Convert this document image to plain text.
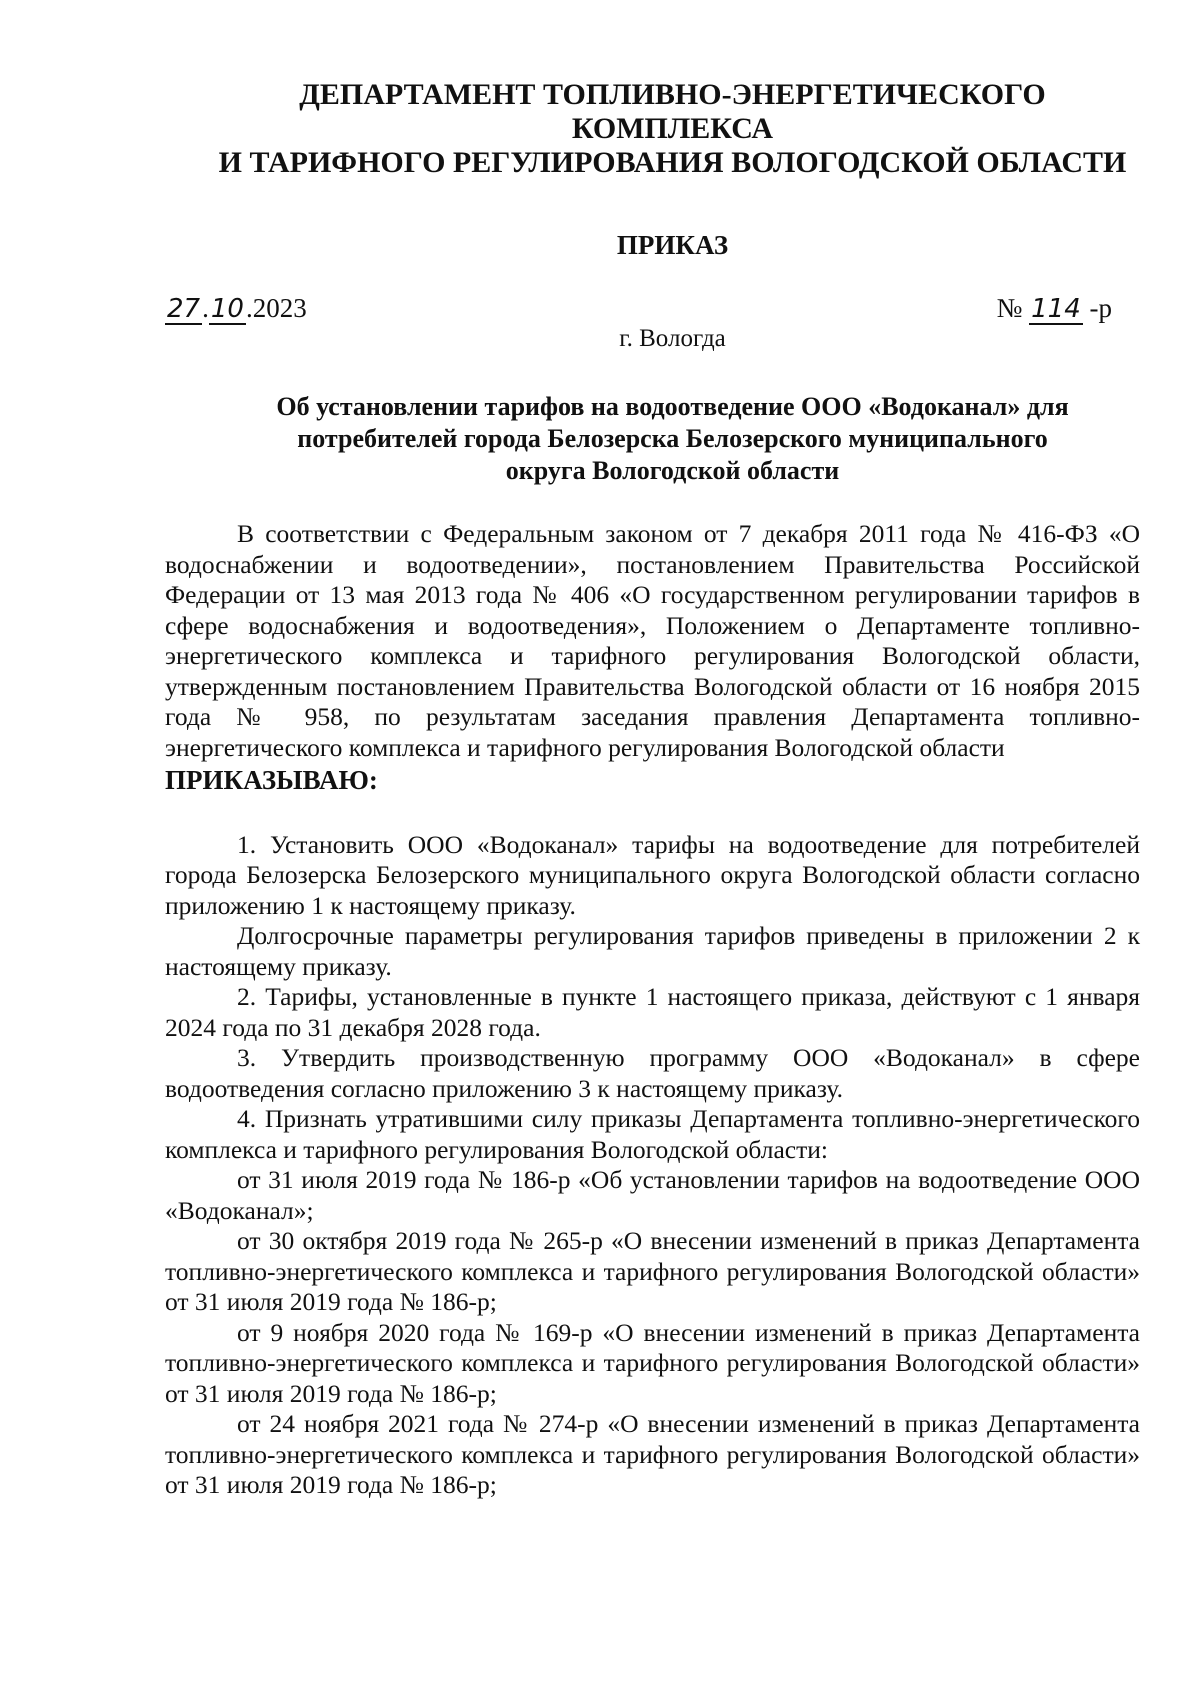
ДЕПАРТАМЕНТ ТОПЛИВНО-ЭНЕРГЕТИЧЕСКОГО КОМПЛЕКСА
И ТАРИФНОГО РЕГУЛИРОВАНИЯ ВОЛОГОДСКОЙ ОБЛАСТИ
ПРИКАЗ
27.10.2023	№ 114 -р
г. Вологда
Об установлении тарифов на водоотведение ООО «Водоканал» для
потребителей города Белозерска Белозерского муниципального
округа Вологодской области

В соответствии с Федеральным законом от 7 декабря 2011 года № 416-ФЗ «О водоснабжении и водоотведении», постановлением Правительства Российской Федерации от 13 мая 2013 года № 406 «О государственном регулировании тарифов в сфере водоснабжения и водоотведения», Положением о Департаменте топливно-энергетического комплекса и тарифного регулирования Вологодской области, утвержденным постановлением Правительства Вологодской области от 16 ноября 2015 года № 958, по результатам заседания правления Департамента топливно-энергетического комплекса и тарифного регулирования Вологодской области

ПРИКАЗЫВАЮ:

1. Установить ООО «Водоканал» тарифы на водоотведение для потребителей города Белозерска Белозерского муниципального округа Вологодской области согласно приложению 1 к настоящему приказу.

Долгосрочные параметры регулирования тарифов приведены в приложении 2 к настоящему приказу.

2. Тарифы, установленные в пункте 1 настоящего приказа, действуют с 1 января 2024 года по 31 декабря 2028 года.

3. Утвердить производственную программу ООО «Водоканал» в сфере водоотведения согласно приложению 3 к настоящему приказу.

4. Признать утратившими силу приказы Департамента топливно-энергетического комплекса и тарифного регулирования Вологодской области:

от 31 июля 2019 года № 186-р «Об установлении тарифов на водоотведение ООО «Водоканал»;

от 30 октября 2019 года № 265-р «О внесении изменений в приказ Департамента топливно-энергетического комплекса и тарифного регулирования Вологодской области» от 31 июля 2019 года № 186-р;

от 9 ноября 2020 года № 169-р «О внесении изменений в приказ Департамента топливно-энергетического комплекса и тарифного регулирования Вологодской области» от 31 июля 2019 года № 186-р;

от 24 ноября 2021 года № 274-р «О внесении изменений в приказ Департамента топливно-энергетического комплекса и тарифного регулирования Вологодской области» от 31 июля 2019 года № 186-р;
